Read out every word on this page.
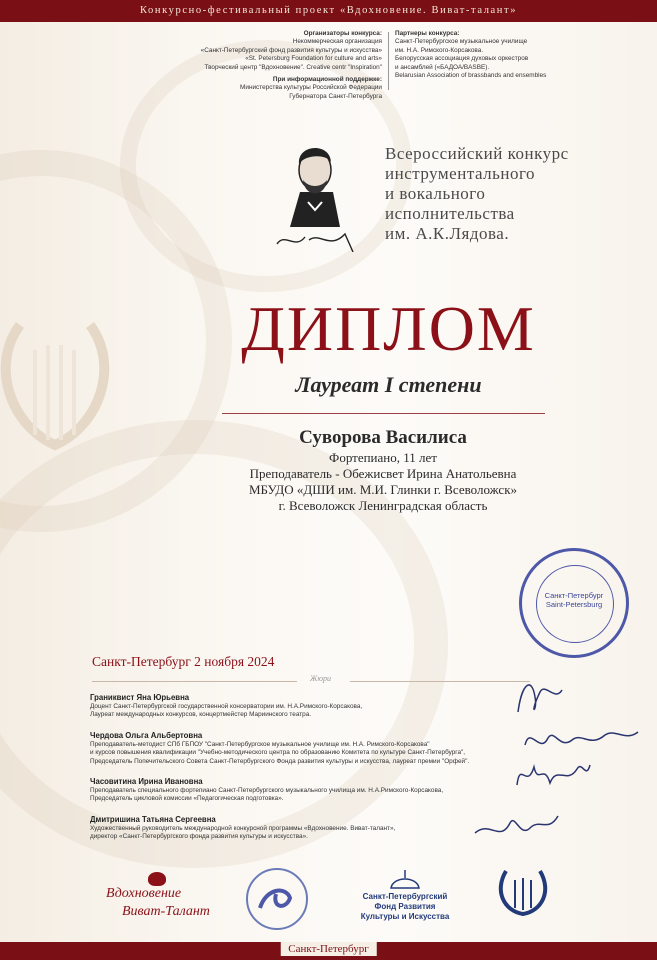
Конкурсно-фестивальный проект «Вдохновение. Виват-талант»
Организаторы конкурса:
Некоммерческая организация
«Санкт-Петербургский фонд развития культуры и искусства»
«St. Petersburg Foundation for culture and arts»
Творческий центр "Вдохновение". Creative centr "Inspiration"
При информационной поддержке:
Министерства культуры Российской Федерации
Губернатора Санкт-Петербурга
Партнеры конкурса:
Санкт-Петербургское музыкальное училище
им. Н.А. Римского-Корсакова.
Белорусская ассоциация духовых оркестров
и ансамблей («БАДОА/BASBE).
Belarusian Association of brassbands and ensembles
Всероссийский конкурс
инструментального
и вокального
исполнительства
им. А.К.Лядова.
ДИПЛОМ
Лауреат I степени
Суворова Василиса
Фортепиано, 11 лет
Преподаватель - Обежисвет Ирина Анатольевна
МБУДО «ДШИ им. М.И. Глинки г. Всеволожск»
г. Всеволожск Ленинградская область
Санкт-Петербург
Saint-Petersburg
Санкт-Петербург 2 ноября 2024
Жюри
Граниквист Яна Юрьевна
Доцент Санкт-Петербургской государственной консерватории им. Н.А.Римского-Корсакова,
Лауреат международных конкурсов, концертмейстер Мариинского театра.
Чердова Ольга Альбертовна
Преподаватель-методист СПб ГБПОУ "Санкт-Петербургское музыкальное училище им. Н.А. Римского-Корсакова"
и курсов повышения квалификации "Учебно-методического центра по образованию Комитета по культуре Санкт-Петербурга",
Председатель Попечительского Совета Санкт-Петербургского Фонда развития культуры и искусства, лауреат премии "Орфей".
Часовитина Ирина Ивановна
Преподаватель специального фортепиано Санкт-Петербургского музыкального училища им. Н.А.Римского-Корсакова,
Председатель цикловой комиссии «Педагогическая подготовка».
Дмитришина Татьяна Сергеевна
Художественный руководитель международной конкурсной программы «Вдохновение. Виват-талант»,
директор «Санкт-Петербургского фонда развития культуры и искусства».
Вдохновение
Виват-Талант
Санкт-Петербургский
Фонд Развития
Культуры и Искусства
Санкт-Петербург
